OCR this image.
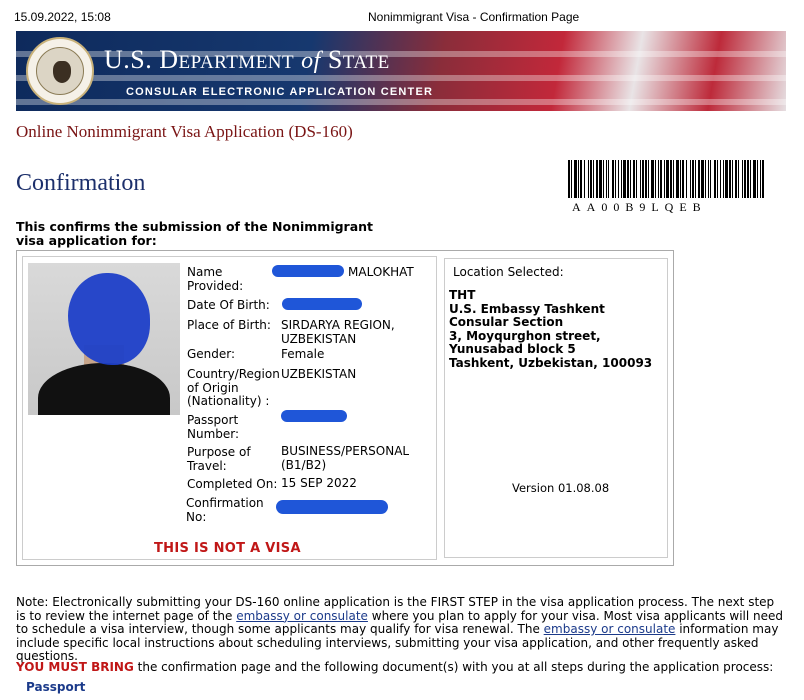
15.09.2022, 15:08	Nonimmigrant Visa - Confirmation Page
U.S. DEPARTMENT of STATE
CONSULAR ELECTRONIC APPLICATION CENTER
Online Nonimmigrant Visa Application (DS-160)
Confirmation
AA00B9LQEB
This confirms the submission of the Nonimmigrant visa application for:
Name Provided:
MALOKHAT
Date Of Birth:
Place of Birth: SIRDARYA REGION, UZBEKISTAN
Gender:	Female
Country/Region of Origin (Nationality) :
UZBEKISTAN
Passport Number:
Purpose of Travel:
BUSINESS/PERSONAL (B1/B2)
Completed On: 15 SEP 2022
Confirmation No:
THIS IS NOT A VISA
Location Selected:
THT
U.S. Embassy Tashkent Consular Section
3, Moyqurghon street, Yunusabad block 5
Tashkent, Uzbekistan, 100093
Version 01.08.08
Note: Electronically submitting your DS-160 online application is the FIRST STEP in the visa application process. The next step is to review the internet page of the embassy or consulate where you plan to apply for your visa. Most visa applicants will need to schedule a visa interview, though some applicants may qualify for visa renewal. The embassy or consulate information may include specific local instructions about scheduling interviews, submitting your visa application, and other frequently asked questions.
YOU MUST BRING the confirmation page and the following document(s) with you at all steps during the application process:
Passport
